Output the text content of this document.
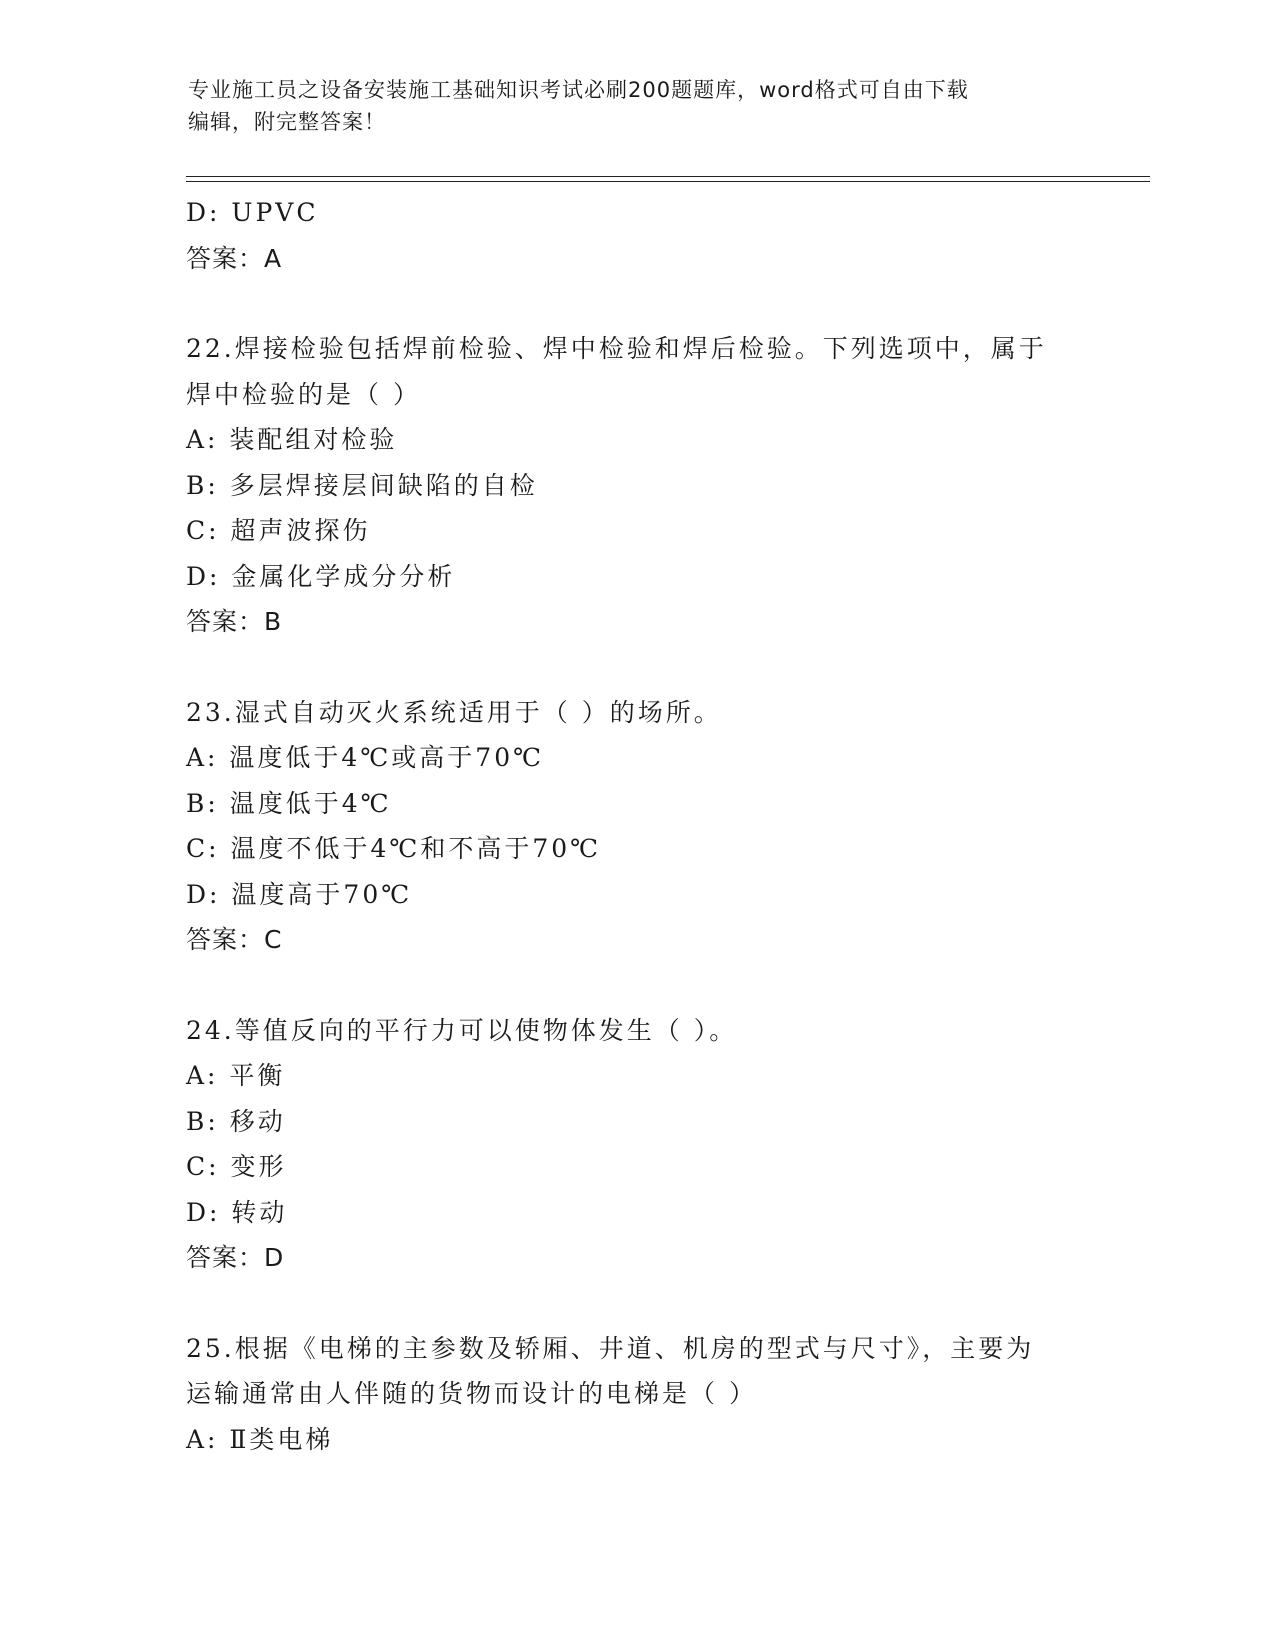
专业施工员之设备安装施工基础知识考试必刷200题题库，word格式可自由下载
编辑，附完整答案！
D: UPVC
答案：A
22.焊接检验包括焊前检验、焊中检验和焊后检验。下列选项中，属于
焊中检验的是（ ）
A: 装配组对检验
B: 多层焊接层间缺陷的自检
C: 超声波探伤
D: 金属化学成分分析
答案：B
23.湿式自动灭火系统适用于（ ）的场所。
A: 温度低于4℃或高于70℃
B: 温度低于4℃
C: 温度不低于4℃和不高于70℃
D: 温度高于70℃
答案：C
24.等值反向的平行力可以使物体发生（ ）。
A: 平衡
B: 移动
C: 变形
D: 转动
答案：D
25.根据《电梯的主参数及轿厢、井道、机房的型式与尺寸》，主要为
运输通常由人伴随的货物而设计的电梯是（ ）
A: Ⅱ类电梯
